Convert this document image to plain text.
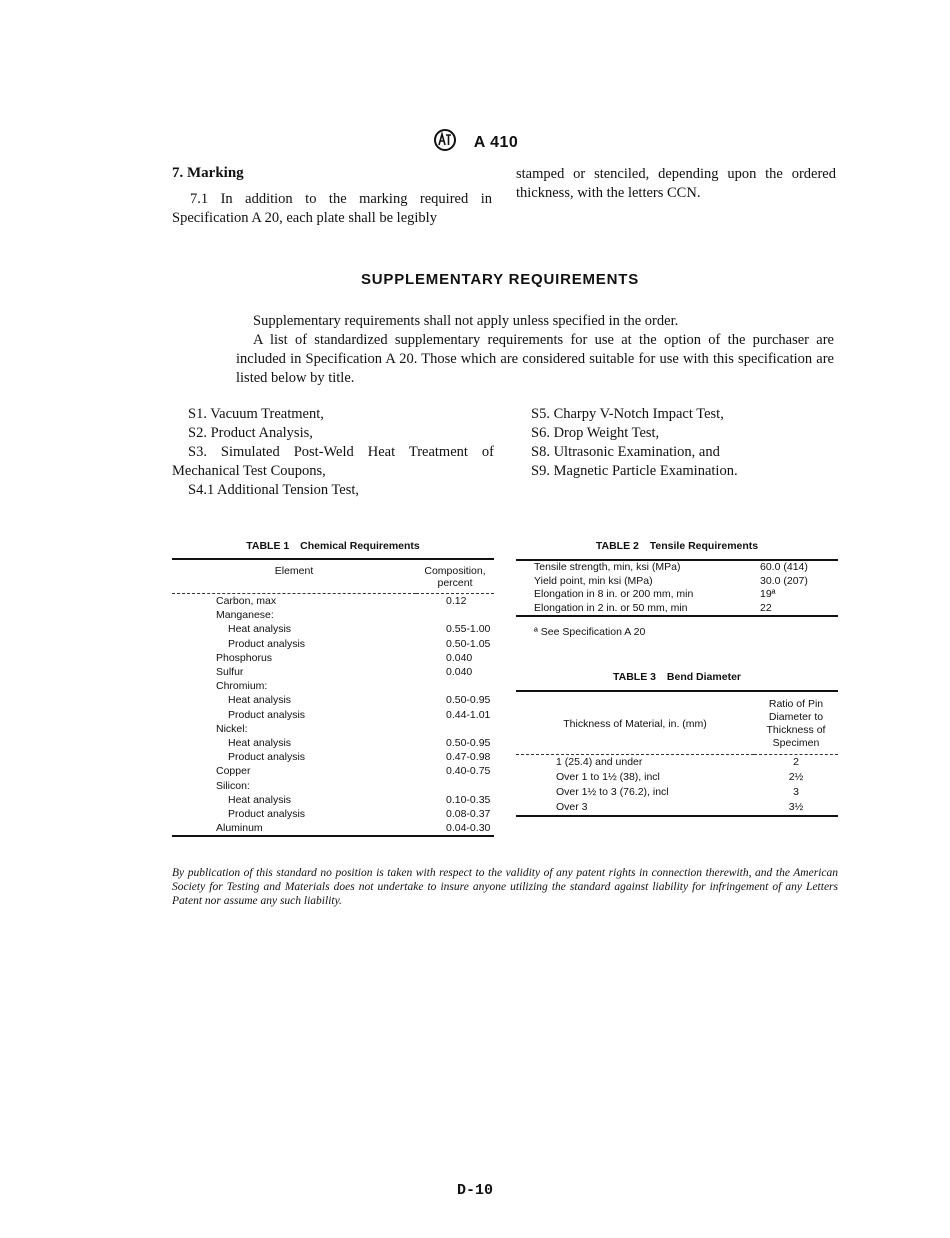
A 410
7. Marking
7.1 In addition to the marking required in Specification A 20, each plate shall be legibly
stamped or stenciled, depending upon the ordered thickness, with the letters CCN.
SUPPLEMENTARY REQUIREMENTS
Supplementary requirements shall not apply unless specified in the order.
A list of standardized supplementary requirements for use at the option of the purchaser are included in Specification A 20. Those which are considered suitable for use with this specification are listed below by title.
S1. Vacuum Treatment,
S2. Product Analysis,
S3. Simulated Post-Weld Heat Treatment of Mechanical Test Coupons,
S4.1 Additional Tension Test,
S5. Charpy V-Notch Impact Test,
S6. Drop Weight Test,
S8. Ultrasonic Examination, and
S9. Magnetic Particle Examination.
TABLE 1 Chemical Requirements
Element	Composition, percent
Carbon, max	0.12
Manganese:	
Heat analysis	0.55-1.00
Product analysis	0.50-1.05
Phosphorus	0.040
Sulfur	0.040
Chromium:	
Heat analysis	0.50-0.95
Product analysis	0.44-1.01
Nickel:	
Heat analysis	0.50-0.95
Product analysis	0.47-0.98
Copper	0.40-0.75
Silicon:	
Heat analysis	0.10-0.35
Product analysis	0.08-0.37
Aluminum	0.04-0.30
TABLE 2 Tensile Requirements
Tensile strength, min, ksi (MPa)	60.0 (414)
Yield point, min ksi (MPa)	30.0 (207)
Elongation in 8 in. or 200 mm, min	19ª
Elongation in 2 in. or 50 mm, min	22
ª See Specification A 20
TABLE 3 Bend Diameter
Thickness of Material, in. (mm)	Ratio of Pin Diameter to Thickness of Specimen
1 (25.4) and under	2
Over 1 to 1½ (38), incl	2½
Over 1½ to 3 (76.2), incl	3
Over 3	3½
By publication of this standard no position is taken with respect to the validity of any patent rights in connection therewith, and the American Society for Testing and Materials does not undertake to insure anyone utilizing the standard against liability for infringement of any Letters Patent nor assume any such liability.
D-10
